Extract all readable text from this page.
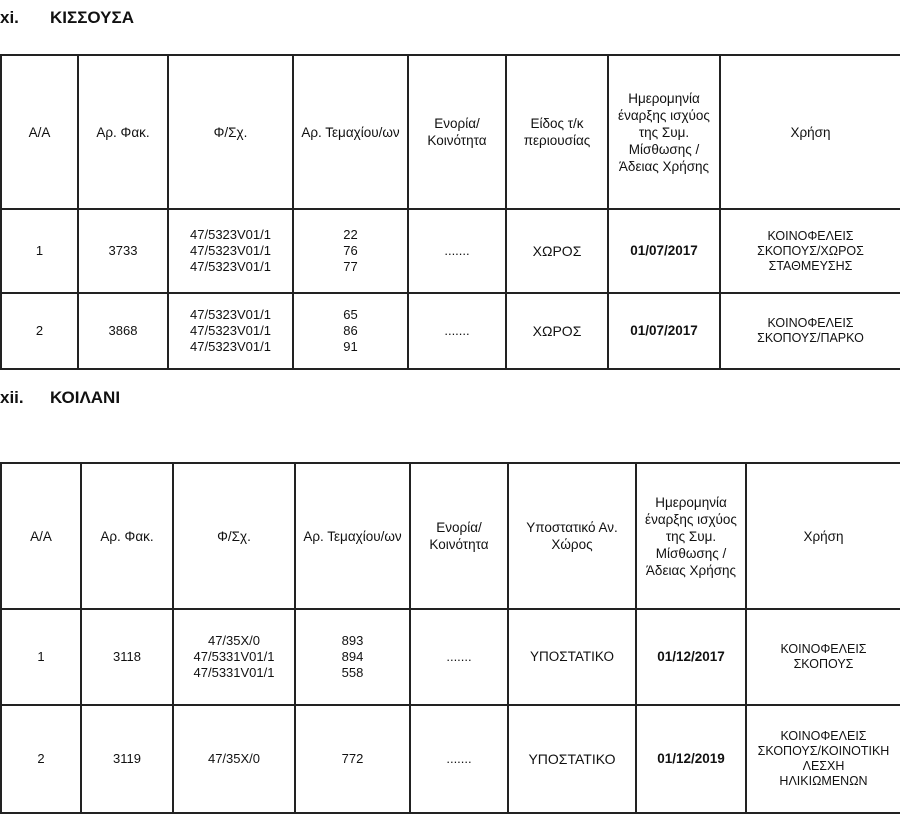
xi. ΚΙΣΣΟΥΣΑ
Α/Α	Αρ. Φακ.	Φ/Σχ.	Αρ. Τεμαχίου/ων	Ενορία/ Κοινότητα	Είδος τ/κ περιουσίας	Ημερομηνία έναρξης ισχύος της Συμ. Μίσθωσης / Άδειας Χρήσης	Χρήση
1	3733	47/5323V01/1
47/5323V01/1
47/5323V01/1	22
76
77	.......	ΧΩΡΟΣ	01/07/2017	ΚΟΙΝΟΦΕΛΕΙΣ
ΣΚΟΠΟΥΣ/ΧΩΡΟΣ
ΣΤΑΘΜΕΥΣΗΣ

2	3868	47/5323V01/1
47/5323V01/1
47/5323V01/1	65
86
91	.......	ΧΩΡΟΣ	01/07/2017	ΚΟΙΝΟΦΕΛΕΙΣ
ΣΚΟΠΟΥΣ/ΠΑΡΚΟ
xii. ΚΟΙΛΑΝΙ
Α/Α	Αρ. Φακ.	Φ/Σχ.	Αρ. Τεμαχίου/ων	Ενορία/ Κοινότητα	Υποστατικό Αν. Χώρος	Ημερομηνία έναρξης ισχύος της Συμ. Μίσθωσης / Άδειας Χρήσης	Χρήση
1	3118	47/35X/0
47/5331V01/1
47/5331V01/1	893
894
558	.......	ΥΠΟΣΤΑΤΙΚΟ	01/12/2017	ΚΟΙΝΟΦΕΛΕΙΣ
ΣΚΟΠΟΥΣ

2	3119	47/35X/0	772	.......	ΥΠΟΣΤΑΤΙΚΟ	01/12/2019	ΚΟΙΝΟΦΕΛΕΙΣ
ΣΚΟΠΟΥΣ/ΚΟΙΝΟΤΙΚΗ
ΛΕΣΧΗ
ΗΛΙΚΙΩΜΕΝΩΝ
